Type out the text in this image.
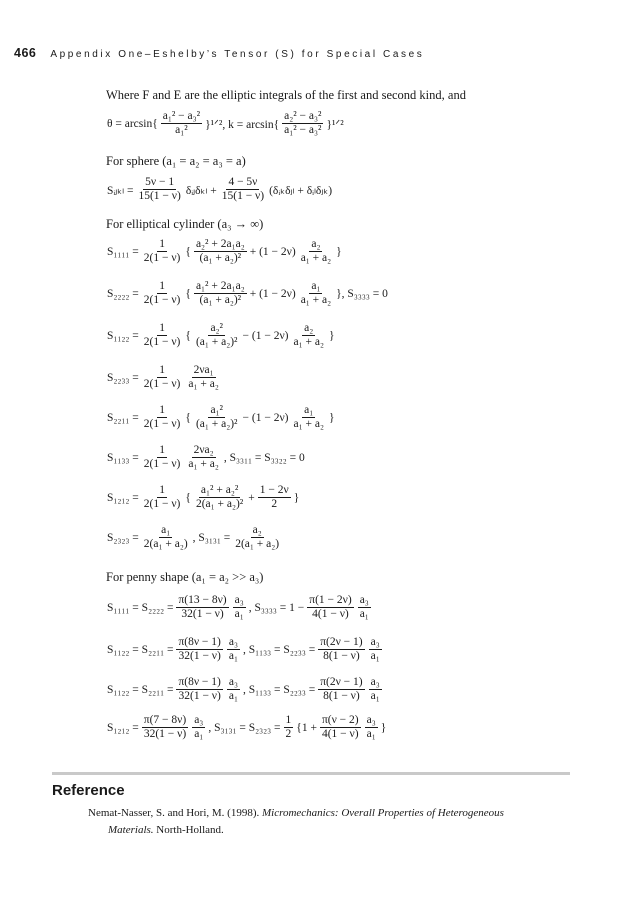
466 Appendix One–Eshelby’s Tensor (S) for Special Cases
Where F and E are the elliptic integrals of the first and second kind, and
$\theta = \arcsin\{ \frac{\text{a₁² − a₃²}}{\text{a₁²}}$ }¹ᐟ², $k = \arcsin\{ \frac{\text{a₂² − a₃²}}{\text{a₁² − a₃²}}$ }¹ᐟ²
For sphere (a₁ = a₂ = a₃ = a)
Sᵢⱼₖₗ = $\frac{5\nu - 1}{15(1 - \nu)}$ δᵢⱼδₖₗ + $\frac{4 - 5\nu}{15(1 - \nu)}$ (δᵢₖδⱼₗ + δᵢₗδⱼₖ)
For elliptical cylinder (a₃ → ∞)
$S_{1111} = \frac{1}{2(1 - \nu)}$ { $\frac{\text{a₂² + 2a₁a₂}}{\text{(a₁ + a₂)²}} + (1 - 2\nu) \frac{\text{a₂}}{\text{a₁ + a₂}}$ }
$S_{2222} = \frac{1}{2(1 - \nu)}$ { $\frac{\text{a₁² + 2a₁a₂}}{\text{(a₁ + a₂)²}} + (1 - 2\nu) \frac{\text{a₁}}{\text{a₁ + a₂}}$ }, S₃₃₃₃ = 0
$S_{1122} = \frac{1}{2(1 - \nu)}$ { $\frac{\text{a₂²}}{\text{(a₁ + a₂)²}} - (1 - 2\nu) \frac{\text{a₂}}{\text{a₁ + a₂}}$ }
$S_{2233} = \frac{1}{2(1 - \nu)} \frac{\text{2νa₁}}{\text{a₁ + a₂}}$
$S_{2211} = \frac{1}{2(1 - \nu)}$ { $\frac{\text{a₁²}}{\text{(a₁ + a₂)²}} - (1 - 2\nu) \frac{\text{a₁}}{\text{a₁ + a₂}}$ }
$S_{1133} = \frac{1}{2(1 - \nu)} \frac{\text{2νa₂}}{\text{a₁ + a₂}}$ , S₃₃₁₁ = S₃₃₂₂ = 0
$S_{1212} = \frac{1}{2(1 - \nu)}$ { $\frac{\text{a₁² + a₂²}}{\text{2(a₁ + a₂)²}} + \frac{1 - 2\nu}{2}$ }
$S_{2323} = \frac{\text{a₁}}{\text{2(a₁ + a₂)}}$ , $S_{3131} = \frac{\text{a₂}}{\text{2(a₁ + a₂)}}$
For penny shape (a₁ = a₂ >> a₃)
$S_{1111} = S_{2222} = \frac{\pi(13 - 8\nu)}{32(1 - \nu)} \frac{\text{a₃}}{\text{a₁}}$ , $S_{3333} = 1 - \frac{\pi(1 - 2\nu)}{4(1 - \nu)} \frac{\text{a₃}}{\text{a₁}}$
$S_{1122} = S_{2211} = \frac{\pi(8\nu - 1)}{32(1 - \nu)} \frac{\text{a₃}}{\text{a₁}}$ , $S_{1133} = S_{2233} = \frac{\pi(2\nu - 1)}{8(1 - \nu)} \frac{\text{a₃}}{\text{a₁}}$
$S_{1122} = S_{2211} = \frac{\pi(8\nu - 1)}{32(1 - \nu)} \frac{\text{a₃}}{\text{a₁}}$ , $S_{1133} = S_{2233} = \frac{\pi(2\nu - 1)}{8(1 - \nu)} \frac{\text{a₃}}{\text{a₁}}$
$S_{1212} = \frac{\pi(7 - 8\nu)}{32(1 - \nu)} \frac{\text{a₃}}{\text{a₁}}$ , $S_{3131} = S_{2323} = \frac{1}{2} \{1 + \frac{\pi(\nu - 2)}{4(1 - \nu)} \frac{\text{a₃}}{\text{a₁}}$ }
Reference
Nemat-Nasser, S. and Hori, M. (1998). Micromechanics: Overall Properties of Heterogeneous
Materials. North-Holland.
